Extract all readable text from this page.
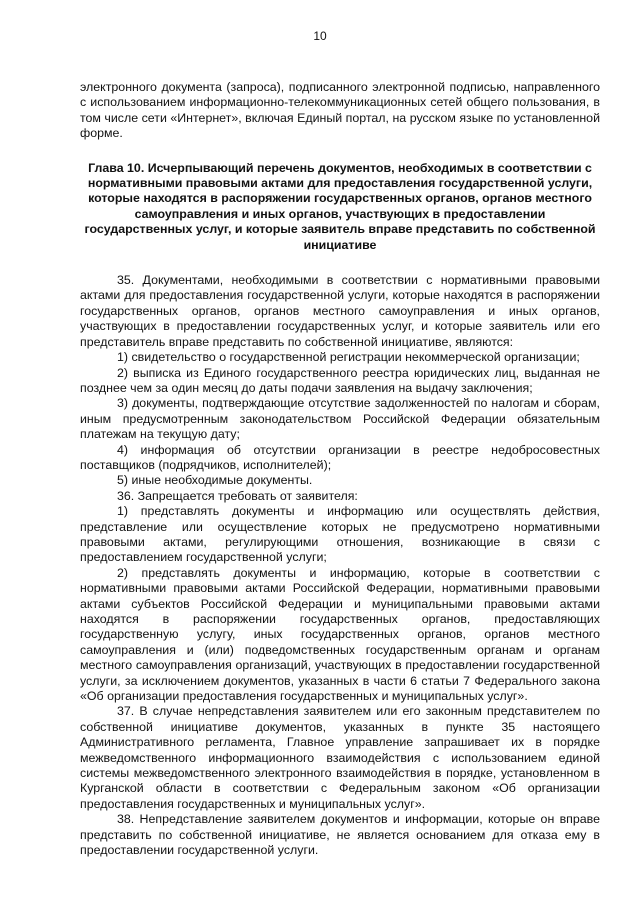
10

электронного документа (запроса), подписанного электронной подписью, направленного с использованием информационно-телекоммуникационных сетей общего пользования, в том числе сети «Интернет», включая Единый портал, на русском языке по установленной форме.

Глава 10. Исчерпывающий перечень документов, необходимых в соответствии с нормативными правовыми актами для предоставления государственной услуги, которые находятся в распоряжении государственных органов, органов местного самоуправления и иных органов, участвующих в предоставлении государственных услуг, и которые заявитель вправе представить по собственной инициативе

35. Документами, необходимыми в соответствии с нормативными правовыми актами для предоставления государственной услуги, которые находятся в распоряжении государственных органов, органов местного самоуправления и иных органов, участвующих в предоставлении государственных услуг, и которые заявитель или его представитель вправе представить по собственной инициативе, являются:

1) свидетельство о государственной регистрации некоммерческой организации;

2) выписка из Единого государственного реестра юридических лиц, выданная не позднее чем за один месяц до даты подачи заявления на выдачу заключения;

3) документы, подтверждающие отсутствие задолженностей по налогам и сборам, иным предусмотренным законодательством Российской Федерации обязательным платежам на текущую дату;

4) информация об отсутствии организации в реестре недобросовестных поставщиков (подрядчиков, исполнителей);

5) иные необходимые документы.

36. Запрещается требовать от заявителя:

1) представлять документы и информацию или осуществлять действия, представление или осуществление которых не предусмотрено нормативными правовыми актами, регулирующими отношения, возникающие в связи с предоставлением государственной услуги;

2) представлять документы и информацию, которые в соответствии с нормативными правовыми актами Российской Федерации, нормативными правовыми актами субъектов Российской Федерации и муниципальными правовыми актами находятся в распоряжении государственных органов, предоставляющих государственную услугу, иных государственных органов, органов местного самоуправления и (или) подведомственных государственным органам и органам местного самоуправления организаций, участвующих в предоставлении государственной услуги, за исключением документов, указанных в части 6 статьи 7 Федерального закона «Об организации предоставления государственных и муниципальных услуг».

37. В случае непредставления заявителем или его законным представителем по собственной инициативе документов, указанных в пункте 35 настоящего Административного регламента, Главное управление запрашивает их в порядке межведомственного информационного взаимодействия с использованием единой системы межведомственного электронного взаимодействия в порядке, установленном в Курганской области в соответствии с Федеральным законом «Об организации предоставления государственных и муниципальных услуг».

38. Непредставление заявителем документов и информации, которые он вправе представить по собственной инициативе, не является основанием для отказа ему в предоставлении государственной услуги.
